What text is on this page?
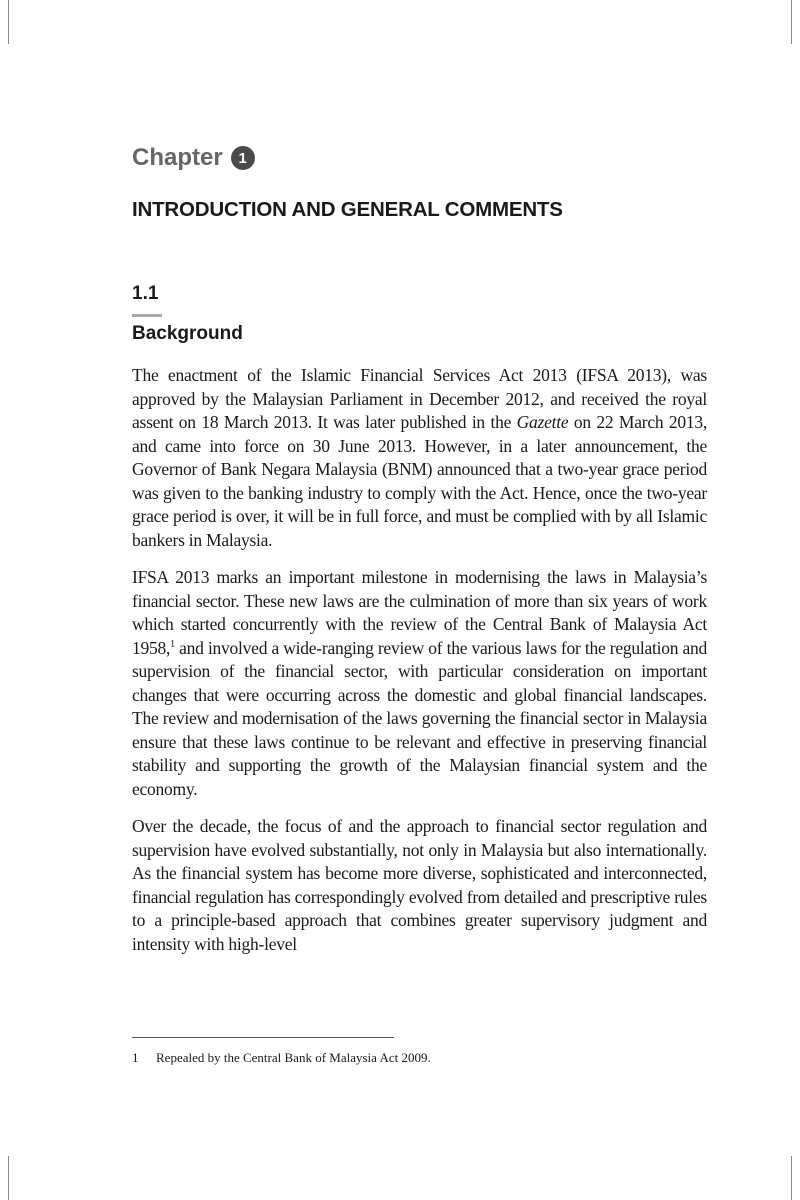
Chapter	1
INTRODUCTION AND GENERAL COMMENTS
1.1
Background

The enactment of the Islamic Financial Services Act 2013 (IFSA 2013), was approved by the Malaysian Parliament in December 2012, and received the royal assent on 18 March 2013. It was later published in the Gazette on 22 March 2013, and came into force on 30 June 2013. However, in a later announcement, the Governor of Bank Negara Malaysia (BNM) announced that a two-year grace period was given to the banking industry to comply with the Act. Hence, once the two-year grace period is over, it will be in full force, and must be complied with by all Islamic bankers in Malaysia.

IFSA 2013 marks an important milestone in modernising the laws in Malaysia’s financial sector. These new laws are the culmination of more than six years of work which started concurrently with the review of the Central Bank of Malaysia Act 1958,$^1$ and involved a wide-ranging review of the various laws for the regulation and supervision of the financial sector, with particular consideration on important changes that were occurring across the domestic and global financial landscapes. The review and modernisation of the laws governing the financial sector in Malaysia ensure that these laws continue to be relevant and effective in preserving financial stability and supporting the growth of the Malaysian financial system and the economy.

Over the decade, the focus of and the approach to financial sector regulation and supervision have evolved substantially, not only in Malaysia but also internationally. As the financial system has become more diverse, sophisticated and interconnected, financial regulation has correspondingly evolved from detailed and prescriptive rules to a principle-based approach that combines greater supervisory judgment and intensity with high-level

1 Repealed by the Central Bank of Malaysia Act 2009.
